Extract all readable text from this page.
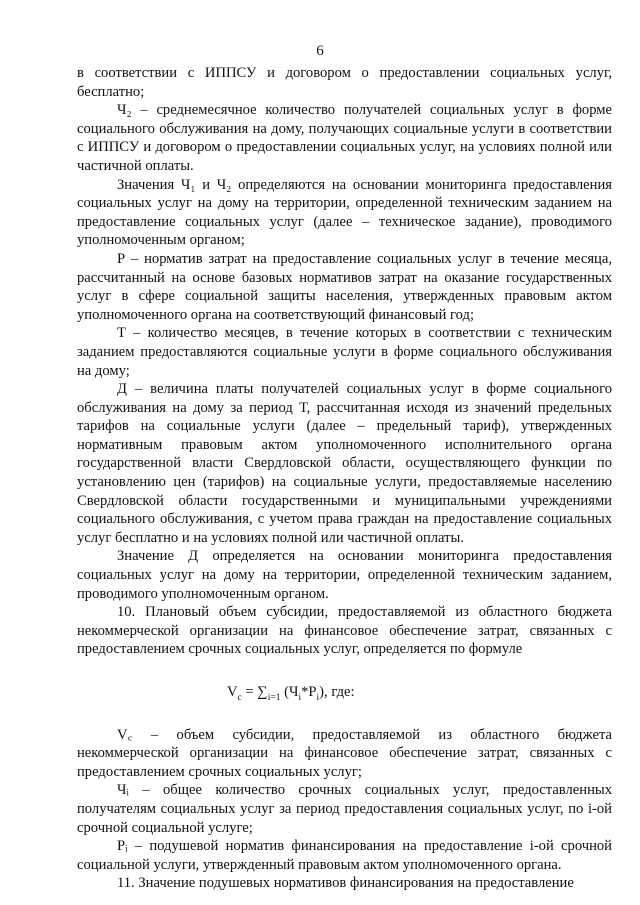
6

в соответствии с ИППСУ и договором о предоставлении социальных услуг, бесплатно;

Ч₂ – среднемесячное количество получателей социальных услуг в форме социального обслуживания на дому, получающих социальные услуги в соответствии с ИППСУ и договором о предоставлении социальных услуг, на условиях полной или частичной оплаты.

Значения Ч₁ и Ч₂ определяются на основании мониторинга предоставления социальных услуг на дому на территории, определенной техническим заданием на предоставление социальных услуг (далее – техническое задание), проводимого уполномоченным органом;

Р – норматив затрат на предоставление социальных услуг в течение месяца, рассчитанный на основе базовых нормативов затрат на оказание государственных услуг в сфере социальной защиты населения, утвержденных правовым актом уполномоченного органа на соответствующий финансовый год;

Т – количество месяцев, в течение которых в соответствии с техническим заданием предоставляются социальные услуги в форме социального обслуживания на дому;

Д – величина платы получателей социальных услуг в форме социального обслуживания на дому за период Т, рассчитанная исходя из значений предельных тарифов на социальные услуги (далее – предельный тариф), утвержденных нормативным правовым актом уполномоченного исполнительного органа государственной власти Свердловской области, осуществляющего функции по установлению цен (тарифов) на социальные услуги, предоставляемые населению Свердловской области государственными и муниципальными учреждениями социального обслуживания, с учетом права граждан на предоставление социальных услуг бесплатно и на условиях полной или частичной оплаты.

Значение Д определяется на основании мониторинга предоставления социальных услуг на дому на территории, определенной техническим заданием, проводимого уполномоченным органом.

10. Плановый объем субсидии, предоставляемой из областного бюджета некоммерческой организации на финансовое обеспечение затрат, связанных с предоставлением срочных социальных услуг, определяется по формуле

$V_c = \sum_{i=1}$ $(Ч_i*P_i)$, где:

V꜀ – объем субсидии, предоставляемой из областного бюджета некоммерческой организации на финансовое обеспечение затрат, связанных с предоставлением срочных социальных услуг;

Чᵢ – общее количество срочных социальных услуг, предоставленных получателям социальных услуг за период предоставления социальных услуг, по i-ой срочной социальной услуге;

Pᵢ – подушевой норматив финансирования на предоставление i-ой срочной социальной услуги, утвержденный правовым актом уполномоченного органа.

11. Значение подушевых нормативов финансирования на предоставление
